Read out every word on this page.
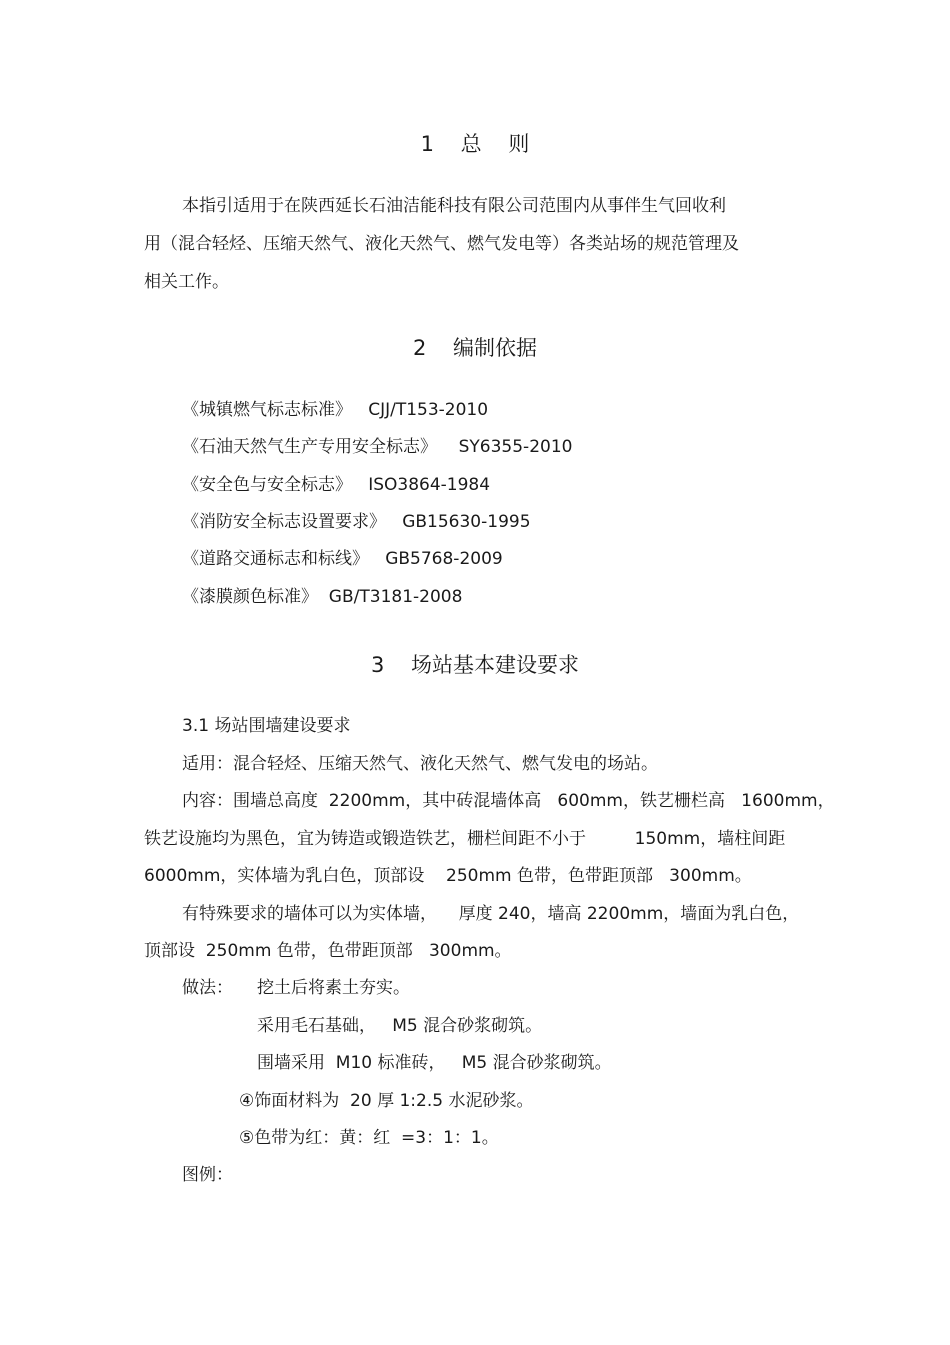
1    总    则

本指引适用于在陕西延长石油洁能科技有限公司范围内从事伴生气回收利

用（混合轻烃、压缩天然气、液化天然气、燃气发电等）各类站场的规范管理及

相关工作。

2    编制依据

《城镇燃气标志标准》   CJJ/T153-2010

《石油天然气生产专用安全标志》    SY6355-2010

《安全色与安全标志》   ISO3864-1984

《消防安全标志设置要求》   GB15630-1995

《道路交通标志和标线》   GB5768-2009

《漆膜颜色标准》  GB/T3181-2008

3    场站基本建设要求

3.1 场站围墙建设要求

适用：混合轻烃、压缩天然气、液化天然气、燃气发电的场站。

内容：围墙总高度  2200mm，其中砖混墙体高   600mm，铁艺栅栏高   1600mm，

铁艺设施均为黑色，宜为铸造或锻造铁艺，栅栏间距不小于         150mm，墙柱间距

6000mm，实体墙为乳白色，顶部设    250mm 色带，色带距顶部   300mm。

有特殊要求的墙体可以为实体墙，    厚度 240，墙高 2200mm，墙面为乳白色，

顶部设  250mm 色带，色带距顶部   300mm。

做法： 挖土后将素土夯实。

采用毛石基础，   M5 混合砂浆砌筑。

围墙采用  M10 标准砖，   M5 混合砂浆砌筑。

④饰面材料为  20 厚 1:2.5 水泥砂浆。

⑤色带为红：黄：红  =3：1：1。

图例：
